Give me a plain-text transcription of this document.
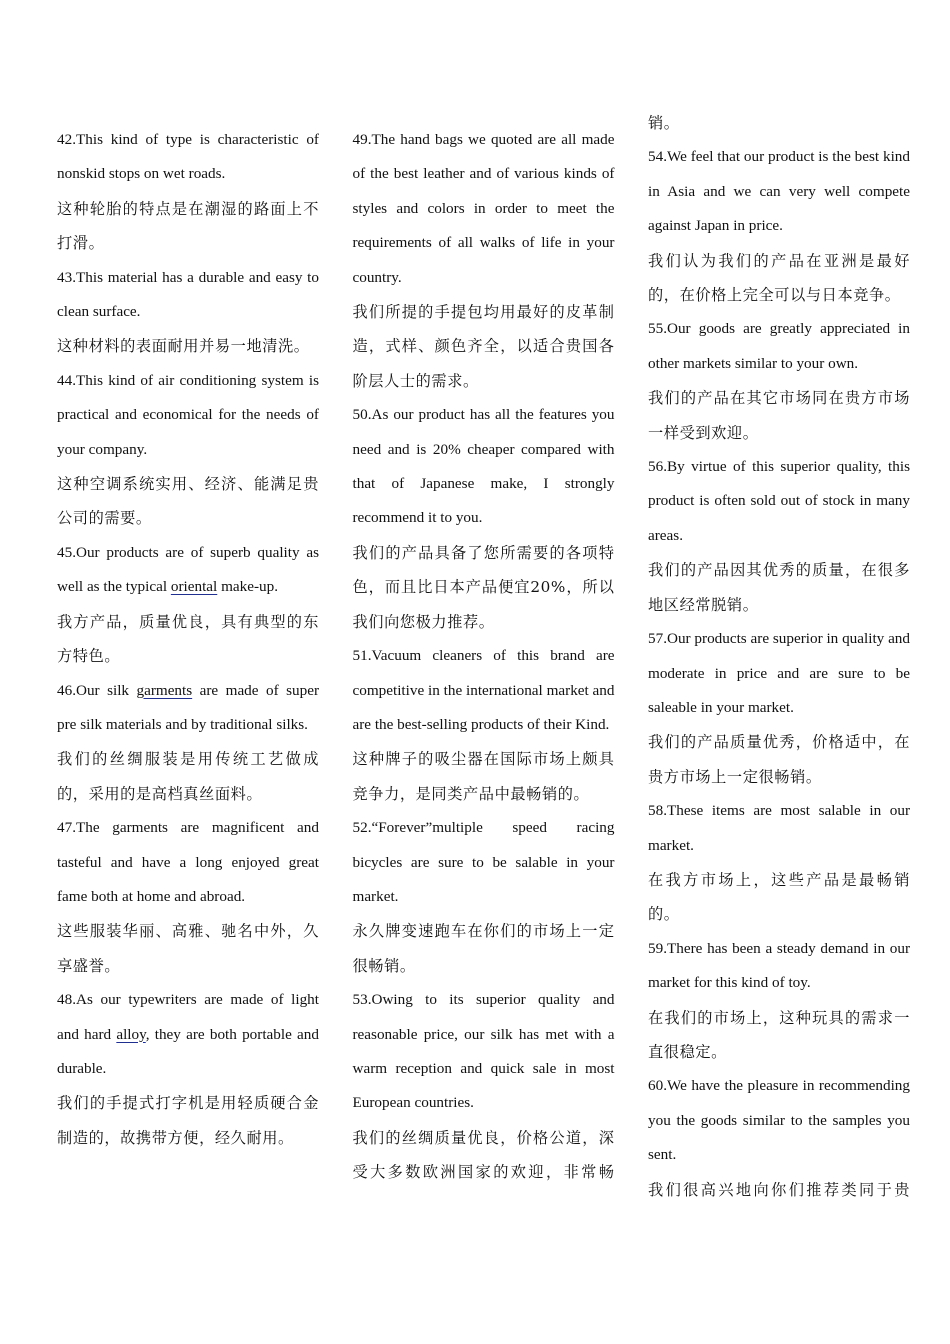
42.This kind of type is characteristic of nonskid stops on wet roads.

这种轮胎的特点是在潮湿的路面上不打滑。

43.This material has a durable and easy to clean surface.

这种材料的表面耐用并易一地清洗。

44.This kind of air conditioning system is practical and economical for the needs of your company.

这种空调系统实用、经济、能满足贵公司的需要。

45.Our products are of superb quality as well as the typical oriental make-up.

我方产品，质量优良，具有典型的东方特色。

46.Our silk garments are made of super pre silk materials and by traditional silks.

我们的丝绸服装是用传统工艺做成的，采用的是高档真丝面料。

47.The garments are magnificent and tasteful and have a long enjoyed great fame both at home and abroad.

这些服装华丽、高雅、驰名中外，久享盛誉。

48.As our typewriters are made of light and hard alloy, they are both portable and durable.

我们的手提式打字机是用轻质硬合金制造的，故携带方便，经久耐用。

49.The hand bags we quoted are all made of the best leather and of various kinds of styles and colors in order to meet the requirements of all walks of life in your country.

我们所提的手提包均用最好的皮革制造，式样、颜色齐全，以适合贵国各阶层人士的需求。

50.As our product has all the features you need and is 20% cheaper compared with that of Japanese make, I strongly recommend it to you.

我们的产品具备了您所需要的各项特色，而且比日本产品便宜20%，所以我们向您极力推荐。

51.Vacuum cleaners of this brand are competitive in the international market and are the best-selling products of their Kind.

这种牌子的吸尘器在国际市场上颇具竞争力，是同类产品中最畅销的。

52.“Forever”multiple speed racing bicycles are sure to be salable in your market.

永久牌变速跑车在你们的市场上一定很畅销。

53.Owing to its superior quality and reasonable price, our silk has met with a warm reception and quick sale in most European countries.

我们的丝绸质量优良，价格公道，深受大多数欧洲国家的欢迎，非常畅

销。

54.We feel that our product is the best kind in Asia and we can very well compete against Japan in price.

我们认为我们的产品在亚洲是最好的，在价格上完全可以与日本竞争。

55.Our goods are greatly appreciated in other markets similar to your own.

我们的产品在其它市场同在贵方市场一样受到欢迎。

56.By virtue of this superior quality, this product is often sold out of stock in many areas.

我们的产品因其优秀的质量，在很多地区经常脱销。

57.Our products are superior in quality and moderate in price and are sure to be saleable in your market.

我们的产品质量优秀，价格适中，在贵方市场上一定很畅销。

58.These items are most salable in our market.

在我方市场上，这些产品是最畅销的。

59.There has been a steady demand in our market for this kind of toy.

在我们的市场上，这种玩具的需求一直很稳定。

60.We have the pleasure in recommending you the goods similar to the samples you sent.

我们很高兴地向你们推荐类同于贵
